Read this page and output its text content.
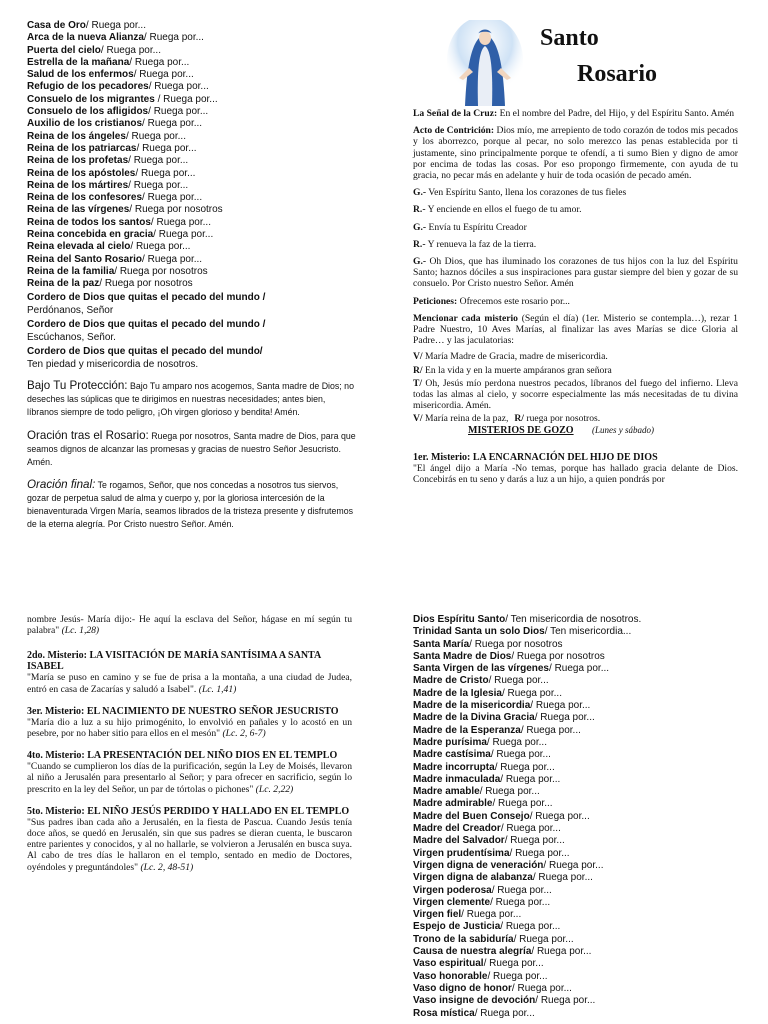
Casa de Oro/ Ruega por...
Arca de la nueva Alianza/ Ruega por...
Puerta del cielo/ Ruega por...
Estrella de la mañana/ Ruega por...
Salud de los enfermos/ Ruega por...
Refugio de los pecadores/ Ruega por...
Consuelo de los migrantes / Ruega por...
Consuelo de los afligidos/ Ruega por...
Auxilio de los cristianos/ Ruega por...
Reina de los ángeles/ Ruega por...
Reina de los patriarcas/ Ruega por...
Reina de los profetas/ Ruega por...
Reina de los apóstoles/ Ruega por...
Reina de los mártires/ Ruega por...
Reina de los confesores/ Ruega por...
Reina de las vírgenes/ Ruega por nosotros
Reina de todos los santos/ Ruega por...
Reina concebida en gracia/ Ruega por...
Reina elevada al cielo/ Ruega por...
Reina del Santo Rosario/ Ruega por...
Reina de la familia/ Ruega por nosotros
Reina de la paz/ Ruega por nosotros
Cordero de Dios que quitas el pecado del mundo /
Perdónanos, Señor
Cordero de Dios que quitas el pecado del mundo /
Escúchanos, Señor.
Cordero de Dios que quitas el pecado del mundo/
Ten piedad y misericordia de nosotros.
Bajo Tu Protección: Bajo Tu amparo nos acogemos, Santa madre de Dios; no deseches las súplicas que te dirigimos en nuestras necesidades; antes bien, líbranos siempre de todo peligro, ¡Oh virgen glorioso y bendita! Amén.
Oración tras el Rosario: Ruega por nosotros, Santa madre de Dios, para que seamos dignos de alcanzar las promesas y gracias de nuestro Señor Jesucristo. Amén.
Oración final: Te rogamos, Señor, que nos concedas a nosotros tus siervos, gozar de perpetua salud de alma y cuerpo y, por la gloriosa intercesión de la bienaventurada Virgen María, seamos librados de la tristeza presente y disfrutemos de la eterna alegría. Por Cristo nuestro Señor. Amén.
Santo
Rosario
La Señal de la Cruz: En el nombre del Padre, del Hijo, y del Espíritu Santo. Amén
Acto de Contrición: Dios mío, me arrepiento de todo corazón de todos mis pecados y los aborrezco, porque al pecar, no solo merezco las penas establecida por ti justamente, sino principalmente porque te ofendí, a ti sumo Bien y digno de amor por encima de todas las cosas. Por eso propongo firmemente, con ayuda de tu gracia, no pecar más en adelante y huir de toda ocasión de pecado amén.
G.- Ven Espíritu Santo, llena los corazones de tus fieles
R.- Y enciende en ellos el fuego de tu amor.
G.- Envía tu Espíritu Creador
R.- Y renueva la faz de la tierra.
G.- Oh Dios, que has iluminado los corazones de tus hijos con la luz del Espíritu Santo; haznos dóciles a sus inspiraciones para gustar siempre del bien y gozar de su consuelo. Por Cristo nuestro Señor. Amén
Peticiones: Ofrecemos este rosario por...
Mencionar cada misterio (Según el día) (1er. Misterio se contempla…), rezar 1 Padre Nuestro, 10 Aves Marías, al finalizar las aves Marías se dice Gloria al Padre… y las jaculatorias:
V/ María Madre de Gracia, madre de misericordia.
R/ En la vida y en la muerte ampáranos gran señora
T/ Oh, Jesús mío perdona nuestros pecados, líbranos del fuego del infierno. Lleva todas las almas al cielo, y socorre especialmente las más necesitadas de tu divina misericordia. Amén.
V/ María reina de la paz, R/ ruega por nosotros.
MISTERIOS DE GOZO (Lunes y sábado)
1er. Misterio: LA ENCARNACIÓN DEL HIJO DE DIOS
"El ángel dijo a María -No temas, porque has hallado gracia delante de Dios. Concebirás en tu seno y darás a luz a un hijo, a quien pondrás por
nombre Jesús- María dijo:- He aquí la esclava del Señor, hágase en mí según tu palabra" (Lc. 1,28)
2do. Misterio: LA VISITACIÓN DE MARÍA SANTÍSIMA A SANTA ISABEL
"María se puso en camino y se fue de prisa a la montaña, a una ciudad de Judea, entró en casa de Zacarías y saludó a Isabel". (Lc. 1,41)
3er. Misterio: EL NACIMIENTO DE NUESTRO SEÑOR JESUCRISTO
"María dio a luz a su hijo primogénito, lo envolvió en pañales y lo acostó en un pesebre, por no haber sitio para ellos en el mesón" (Lc. 2, 6-7)
4to. Misterio: LA PRESENTACIÓN DEL NIÑO DIOS EN EL TEMPLO
"Cuando se cumplieron los días de la purificación, según la Ley de Moisés, llevaron al niño a Jerusalén para presentarlo al Señor; y para ofrecer en sacrificio, según lo prescrito en la ley del Señor, un par de tórtolas o pichones" (Lc. 2,22)
5to. Misterio: EL NIÑO JESÚS PERDIDO Y HALLADO EN EL TEMPLO
"Sus padres iban cada año a Jerusalén, en la fiesta de Pascua. Cuando Jesús tenía doce años, se quedó en Jerusalén, sin que sus padres se dieran cuenta, le buscaron entre parientes y conocidos, y al no hallarle, se volvieron a Jerusalén en busca suya. Al cabo de tres días le hallaron en el templo, sentado en medio de Doctores, oyéndoles y preguntándoles" (Lc. 2, 48-51)
Dios Espíritu Santo/ Ten misericordia de nosotros.
Trinidad Santa un solo Dios/ Ten misericordia...
Santa María/ Ruega por nosotros
Santa Madre de Dios/ Ruega por nosotros
Santa Virgen de las vírgenes/ Ruega por...
Madre de Cristo/ Ruega por...
Madre de la Iglesia/ Ruega por...
Madre de la misericordia/ Ruega por...
Madre de la Divina Gracia/ Ruega por...
Madre de la Esperanza/ Ruega por...
Madre purísima/ Ruega por...
Madre castísima/ Ruega por...
Madre incorrupta/ Ruega por...
Madre inmaculada/ Ruega por...
Madre amable/ Ruega por...
Madre admirable/ Ruega por...
Madre del Buen Consejo/ Ruega por...
Madre del Creador/ Ruega por...
Madre del Salvador/ Ruega por...
Virgen prudentísima/ Ruega por...
Virgen digna de veneración/ Ruega por...
Virgen digna de alabanza/ Ruega por...
Virgen poderosa/ Ruega por...
Virgen clemente/ Ruega por...
Virgen fiel/ Ruega por...
Espejo de Justicia/ Ruega por...
Trono de la sabiduría/ Ruega por...
Causa de nuestra alegría/ Ruega por...
Vaso espiritual/ Ruega por...
Vaso honorable/ Ruega por...
Vaso digno de honor/ Ruega por...
Vaso insigne de devoción/ Ruega por...
Rosa mística/ Ruega por...
